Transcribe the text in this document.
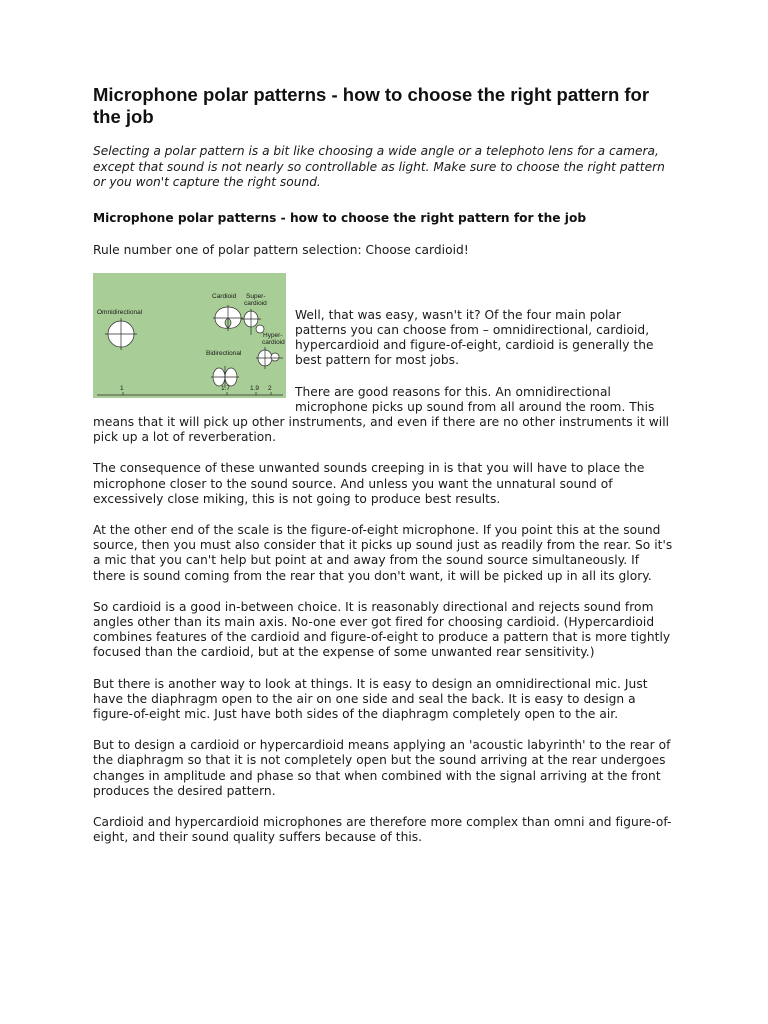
Microphone polar patterns - how to choose the right pattern for the job

Selecting a polar pattern is a bit like choosing a wide angle or a telephoto lens for a camera, except that sound is not nearly so controllable as light. Make sure to choose the right pattern or you won't capture the right sound.

Microphone polar patterns - how to choose the right pattern for the job

Rule number one of polar pattern selection: Choose cardioid!

Omnidirectional
Cardioid Super-
cardioid
Hyper-
cardioid
Bidirectional
1	1.7	1.9 2

Well, that was easy, wasn't it? Of the four main polar patterns you can choose from – omnidirectional, cardioid, hypercardioid and figure-of-eight, cardioid is generally the best pattern for most jobs.

There are good reasons for this. An omnidirectional microphone picks up sound from all around the room. This means that it will pick up other instruments, and even if there are no other instruments it will pick up a lot of reverberation.

The consequence of these unwanted sounds creeping in is that you will have to place the microphone closer to the sound source. And unless you want the unnatural sound of excessively close miking, this is not going to produce best results.

At the other end of the scale is the figure-of-eight microphone. If you point this at the sound source, then you must also consider that it picks up sound just as readily from the rear. So it's a mic that you can't help but point at and away from the sound source simultaneously. If there is sound coming from the rear that you don't want, it will be picked up in all its glory.

So cardioid is a good in-between choice. It is reasonably directional and rejects sound from angles other than its main axis. No-one ever got fired for choosing cardioid. (Hypercardioid combines features of the cardioid and figure-of-eight to produce a pattern that is more tightly focused than the cardioid, but at the expense of some unwanted rear sensitivity.)

But there is another way to look at things. It is easy to design an omnidirectional mic. Just have the diaphragm open to the air on one side and seal the back. It is easy to design a figure-of-eight mic. Just have both sides of the diaphragm completely open to the air.

But to design a cardioid or hypercardioid means applying an 'acoustic labyrinth' to the rear of the diaphragm so that it is not completely open but the sound arriving at the rear undergoes changes in amplitude and phase so that when combined with the signal arriving at the front produces the desired pattern.

Cardioid and hypercardioid microphones are therefore more complex than omni and figure-of-eight, and their sound quality suffers because of this.
